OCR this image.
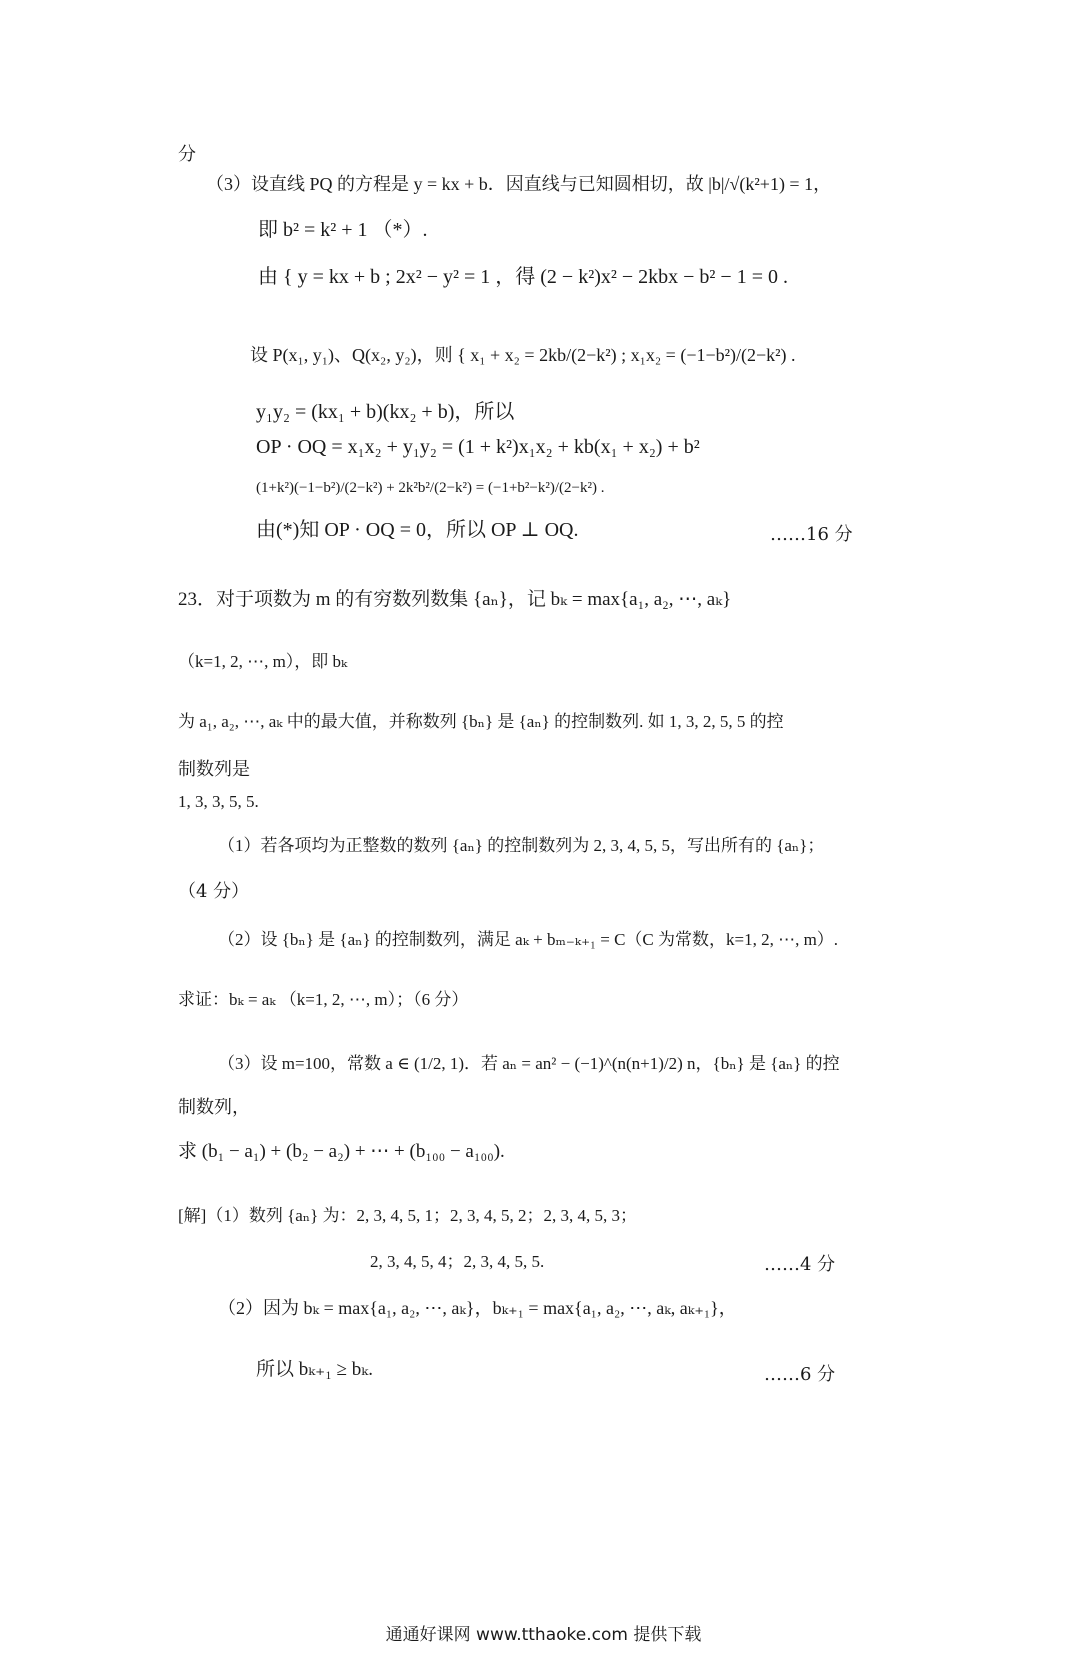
分
（3）设直线 PQ 的方程是 y = kx + b．因直线与已知圆相切，故 |b|/√(k²+1) = 1，
即 b² = k² + 1 （*）.
由 { y = kx + b ; 2x² − y² = 1 ，得 (2 − k²)x² − 2kbx − b² − 1 = 0 .
设 P(x₁, y₁)、Q(x₂, y₂)，则 { x₁ + x₂ = 2kb/(2−k²) ; x₁x₂ = (−1−b²)/(2−k²) .
y₁y₂ = (kx₁ + b)(kx₂ + b)，所以
OP · OQ = x₁x₂ + y₁y₂ = (1 + k²)x₁x₂ + kb(x₁ + x₂) + b²
(1+k²)(−1−b²)/(2−k²) + 2k²b²/(2−k²) = (−1+b²−k²)/(2−k²) .
由(*)知 OP · OQ = 0，所以 OP ⊥ OQ.	……16 分
23．对于项数为 m 的有穷数列数集 {aₙ}，记 bₖ = max{a₁, a₂, ⋯, aₖ}
（k=1, 2, ⋯, m），即 bₖ
为 a₁, a₂, ⋯, aₖ 中的最大值，并称数列 {bₙ} 是 {aₙ} 的控制数列. 如 1, 3, 2, 5, 5 的控
制数列是
1, 3, 3, 5, 5.
（1）若各项均为正整数的数列 {aₙ} 的控制数列为 2, 3, 4, 5, 5，写出所有的 {aₙ}；
（4 分）
（2）设 {bₙ} 是 {aₙ} 的控制数列，满足 aₖ + bₘ₋ₖ₊₁ = C（C 为常数，k=1, 2, ⋯, m）.
求证：bₖ = aₖ （k=1, 2, ⋯, m）；（6 分）
（3）设 m=100，常数 a ∈ (1/2, 1)．若 aₙ = an² − (−1)^(n(n+1)/2) n，{bₙ} 是 {aₙ} 的控
制数列，
求 (b₁ − a₁) + (b₂ − a₂) + ⋯ + (b₁₀₀ − a₁₀₀).
[解]（1）数列 {aₙ} 为：2, 3, 4, 5, 1；2, 3, 4, 5, 2；2, 3, 4, 5, 3；
2, 3, 4, 5, 4；2, 3, 4, 5, 5.	……4 分
（2）因为 bₖ = max{a₁, a₂, ⋯, aₖ}，bₖ₊₁ = max{a₁, a₂, ⋯, aₖ, aₖ₊₁}，
所以 bₖ₊₁ ≥ bₖ.	……6 分
通通好课网 www.tthaoke.com 提供下载
